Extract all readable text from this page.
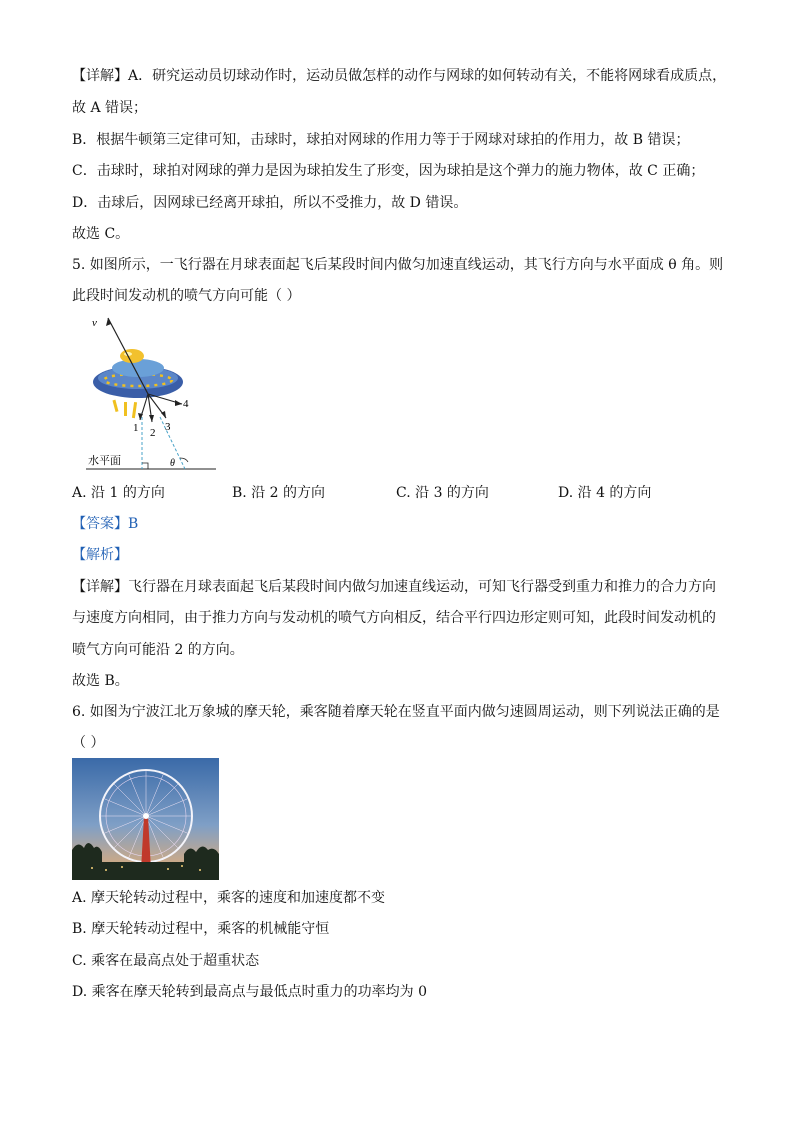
【详解】A．研究运动员切球动作时，运动员做怎样的动作与网球的如何转动有关，不能将网球看成质点，
故 A 错误；
B．根据牛顿第三定律可知，击球时，球拍对网球的作用力等于于网球对球拍的作用力，故 B 错误；
C．击球时，球拍对网球的弹力是因为球拍发生了形变，因为球拍是这个弹力的施力物体，故 C 正确；
D．击球后，因网球已经离开球拍，所以不受推力，故 D 错误。
故选 C。
5. 如图所示，一飞行器在月球表面起飞后某段时间内做匀加速直线运动，其飞行方向与水平面成 θ 角。则
此段时间发动机的喷气方向可能（ ）
v
1 2 3
4
水平面	θ
A. 沿 1 的方向	B. 沿 2 的方向	C. 沿 3 的方向	D. 沿 4 的方向
【答案】B
【解析】
【详解】飞行器在月球表面起飞后某段时间内做匀加速直线运动，可知飞行器受到重力和推力的合力方向
与速度方向相同，由于推力方向与发动机的喷气方向相反，结合平行四边形定则可知，此段时间发动机的
喷气方向可能沿 2 的方向。
故选 B。
6. 如图为宁波江北万象城的摩天轮，乘客随着摩天轮在竖直平面内做匀速圆周运动，则下列说法正确的是
（ ）
A. 摩天轮转动过程中，乘客的速度和加速度都不变
B. 摩天轮转动过程中，乘客的机械能守恒
C. 乘客在最高点处于超重状态
D. 乘客在摩天轮转到最高点与最低点时重力的功率均为 0
